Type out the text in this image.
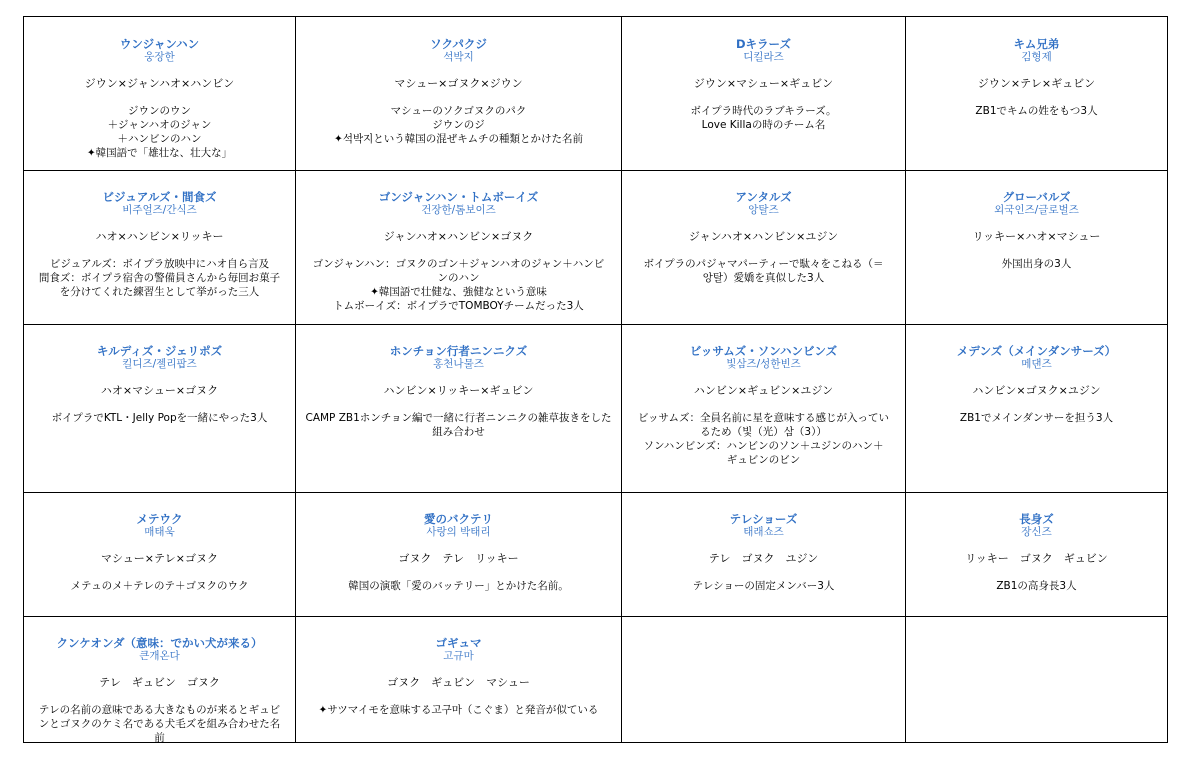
ウンジャンハン
웅장한
ジウン×ジャンハオ×ハンビン
ジウンのウン
＋ジャンハオのジャン
＋ハンビンのハン
✦韓国語で「雄壮な、壮大な」
ソクパクジ
석박지
マシュー×ゴヌク×ジウン
マシューのソクゴヌクのパク
ジウンのジ
✦석박지という韓国の混ぜキムチの種類とかけた名前
Dキラーズ
디킬라즈
ジウン×マシュー×ギュビン
ボイプラ時代のラブキラーズ。
Love Killaの時のチーム名
キム兄弟
김형제
ジウン×テレ×ギュビン
ZB1でキムの姓をもつ3人
ビジュアルズ・間食ズ
비주얼즈/간식즈
ハオ×ハンビン×リッキー
ビジュアルズ：ボイプラ放映中にハオ自ら言及
間食ズ：ボイプラ宿舎の警備員さんから毎回お菓子
を分けてくれた練習生として挙がった三人
ゴンジャンハン・トムボーイズ
건장한/톰보이즈
ジャンハオ×ハンビン×ゴヌク
ゴンジャンハン：ゴヌクのゴン＋ジャンハオのジャン＋ハンビ
ンのハン
✦韓国語で壮健な、強健なという意味
トムボーイズ：ボイプラでTOMBOYチームだった3人
アンタルズ
앙탈즈
ジャンハオ×ハンビン×ユジン
ボイプラのパジャマパーティーで駄々をこねる（＝
앙탈）愛嬌を真似した3人
グローバルズ
외국인즈/글로벌즈
リッキー×ハオ×マシュー
外国出身の3人
キルディズ・ジェリポズ
킬디즈/젤리팝즈
ハオ×マシュー×ゴヌク
ボイプラでKTL・Jelly Popを一緒にやった3人
ホンチョン行者ニンニクズ
홍천나물즈
ハンビン×リッキー×ギュビン
CAMP ZB1ホンチョン編で一緒に行者ニンニクの雑草抜きをした
組み合わせ
ビッサムズ・ソンハンビンズ
빛삼즈/성한빈즈
ハンビン×ギュビン×ユジン
ビッサムズ：全員名前に星を意味する感じが入ってい
るため（빛（光）삼（3））
ソンハンビンズ：ハンビンのソン＋ユジンのハン＋
ギュビンのビン
メデンズ（メインダンサーズ）
메댄즈
ハンビン×ゴヌク×ユジン
ZB1でメインダンサーを担う3人
メテウク
매태욱
マシュー×テレ×ゴヌク
メテュのメ＋テレのテ＋ゴヌクのウク
愛のバクテリ
사랑의 박태리
ゴヌク　テレ　リッキー
韓国の演歌「愛のバッテリー」とかけた名前。
テレショーズ
태래쇼즈
テレ　ゴヌク　ユジン
テレショーの固定メンバー3人
長身ズ
장신즈
リッキー　ゴヌク　ギュビン
ZB1の高身長3人
クンケオンダ（意味：でかい犬が来る）
큰개온다
テレ　ギュビン　ゴヌク
テレの名前の意味である大きなものが来るとギュビ
ンとゴヌクのケミ名である犬毛ズを組み合わせた名
前
ゴギュマ
고규마
ゴヌク　ギュビン　マシュー
✦サツマイモを意味する고구마（こぐま）と発音が似ている
